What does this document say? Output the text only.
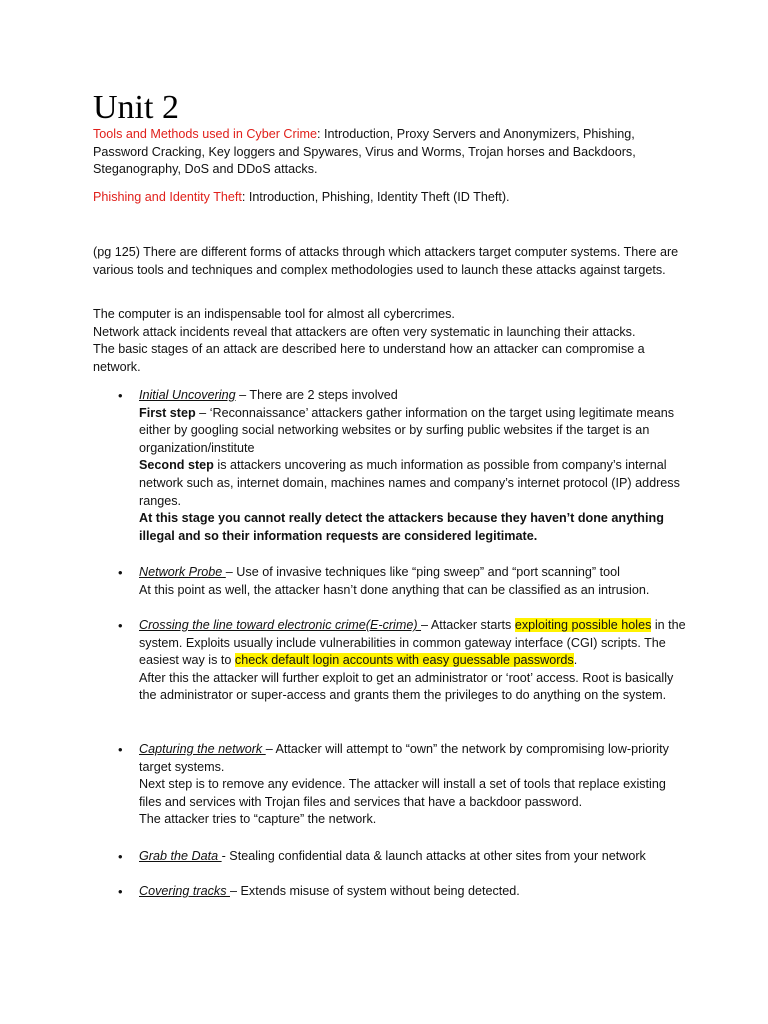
Unit 2

Tools and Methods used in Cyber Crime: Introduction, Proxy Servers and Anonymizers, Phishing, Password Cracking, Key loggers and Spywares, Virus and Worms, Trojan horses and Backdoors, Steganography, DoS and DDoS attacks.

Phishing and Identity Theft: Introduction, Phishing, Identity Theft (ID Theft).

(pg 125) There are different forms of attacks through which attackers target computer systems. There are various tools and techniques and complex methodologies used to launch these attacks against targets.

The computer is an indispensable tool for almost all cybercrimes.

Network attack incidents reveal that attackers are often very systematic in launching their attacks.

The basic stages of an attack are described here to understand how an attacker can compromise a network.

•	Initial Uncovering – There are 2 steps involved

First step – ‘Reconnaissance’ attackers gather information on the target using legitimate means either by googling social networking websites or by surfing public websites if the target is an organization/institute

Second step is attackers uncovering as much information as possible from company’s internal network such as, internet domain, machines names and company’s internet protocol (IP) address ranges.

At this stage you cannot really detect the attackers because they haven’t done anything illegal and so their information requests are considered legitimate.

•	Network Probe – Use of invasive techniques like “ping sweep” and “port scanning” tool

At this point as well, the attacker hasn’t done anything that can be classified as an intrusion.

•	Crossing the line toward electronic crime(E-crime) – Attacker starts exploiting possible holes in the system. Exploits usually include vulnerabilities in common gateway interface (CGI) scripts. The easiest way is to check default login accounts with easy guessable passwords.

After this the attacker will further exploit to get an administrator or ‘root’ access. Root is basically the administrator or super-access and grants them the privileges to do anything on the system.

•	Capturing the network – Attacker will attempt to “own” the network by compromising low-priority target systems.

Next step is to remove any evidence. The attacker will install a set of tools that replace existing files and services with Trojan files and services that have a backdoor password.

The attacker tries to “capture” the network.

•	Grab the Data - Stealing confidential data & launch attacks at other sites from your network

•	Covering tracks – Extends misuse of system without being detected.
